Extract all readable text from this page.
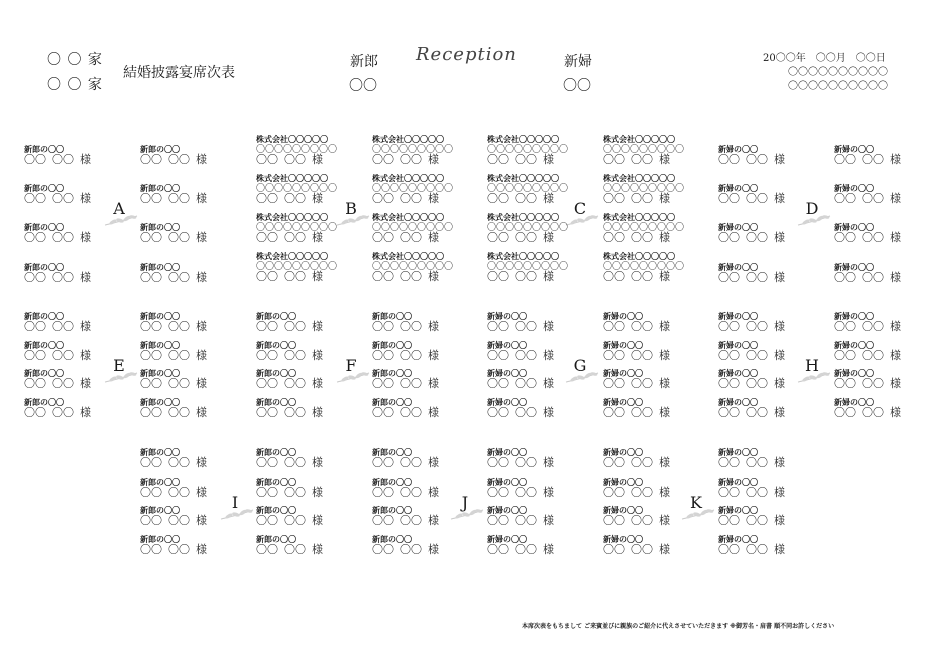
〇 〇 家
〇 〇 家
結婚披露宴席次表
新郎
〇〇
Reception	新婦
〇〇
20〇〇年　〇〇月　〇〇日
〇〇〇〇〇〇〇〇〇〇
〇〇〇〇〇〇〇〇〇〇
A
新郎の〇〇
〇〇 〇〇 様
新郎の〇〇
〇〇 〇〇 様
新郎の〇〇
〇〇 〇〇 様
新郎の〇〇
〇〇 〇〇 様
新郎の〇〇
〇〇 〇〇 様
新郎の〇〇
〇〇 〇〇 様
新郎の〇〇
〇〇 〇〇 様
新郎の〇〇
〇〇 〇〇 様
B
株式会社〇〇〇〇〇
〇〇〇〇〇〇〇〇〇
〇〇 〇〇 様
株式会社〇〇〇〇〇
〇〇〇〇〇〇〇〇〇
〇〇 〇〇 様
株式会社〇〇〇〇〇
〇〇〇〇〇〇〇〇〇
〇〇 〇〇 様
株式会社〇〇〇〇〇
〇〇〇〇〇〇〇〇〇
〇〇 〇〇 様
株式会社〇〇〇〇〇
〇〇〇〇〇〇〇〇〇
〇〇 〇〇 様
株式会社〇〇〇〇〇
〇〇〇〇〇〇〇〇〇
〇〇 〇〇 様
株式会社〇〇〇〇〇
〇〇〇〇〇〇〇〇〇
〇〇 〇〇 様
株式会社〇〇〇〇〇
〇〇〇〇〇〇〇〇〇
〇〇 〇〇 様
C
株式会社〇〇〇〇〇
〇〇〇〇〇〇〇〇〇
〇〇 〇〇 様
株式会社〇〇〇〇〇
〇〇〇〇〇〇〇〇〇
〇〇 〇〇 様
株式会社〇〇〇〇〇
〇〇〇〇〇〇〇〇〇
〇〇 〇〇 様
株式会社〇〇〇〇〇
〇〇〇〇〇〇〇〇〇
〇〇 〇〇 様
株式会社〇〇〇〇〇
〇〇〇〇〇〇〇〇〇
〇〇 〇〇 様
株式会社〇〇〇〇〇
〇〇〇〇〇〇〇〇〇
〇〇 〇〇 様
株式会社〇〇〇〇〇
〇〇〇〇〇〇〇〇〇
〇〇 〇〇 様
株式会社〇〇〇〇〇
〇〇〇〇〇〇〇〇〇
〇〇 〇〇 様
D
新婦の〇〇
〇〇 〇〇 様
新婦の〇〇
〇〇 〇〇 様
新婦の〇〇
〇〇 〇〇 様
新婦の〇〇
〇〇 〇〇 様
新婦の〇〇
〇〇 〇〇 様
新婦の〇〇
〇〇 〇〇 様
新婦の〇〇
〇〇 〇〇 様
新婦の〇〇
〇〇 〇〇 様
E
新郎の〇〇
〇〇 〇〇 様
新郎の〇〇
〇〇 〇〇 様
新郎の〇〇
〇〇 〇〇 様
新郎の〇〇
〇〇 〇〇 様
新郎の〇〇
〇〇 〇〇 様
新郎の〇〇
〇〇 〇〇 様
新郎の〇〇
〇〇 〇〇 様
新郎の〇〇
〇〇 〇〇 様
F
新郎の〇〇
〇〇 〇〇 様
新郎の〇〇
〇〇 〇〇 様
新郎の〇〇
〇〇 〇〇 様
新郎の〇〇
〇〇 〇〇 様
新郎の〇〇
〇〇 〇〇 様
新郎の〇〇
〇〇 〇〇 様
新郎の〇〇
〇〇 〇〇 様
新郎の〇〇
〇〇 〇〇 様
G
新婦の〇〇
〇〇 〇〇 様
新婦の〇〇
〇〇 〇〇 様
新婦の〇〇
〇〇 〇〇 様
新婦の〇〇
〇〇 〇〇 様
新婦の〇〇
〇〇 〇〇 様
新婦の〇〇
〇〇 〇〇 様
新婦の〇〇
〇〇 〇〇 様
新婦の〇〇
〇〇 〇〇 様
H
新婦の〇〇
〇〇 〇〇 様
新婦の〇〇
〇〇 〇〇 様
新婦の〇〇
〇〇 〇〇 様
新婦の〇〇
〇〇 〇〇 様
新婦の〇〇
〇〇 〇〇 様
新婦の〇〇
〇〇 〇〇 様
新婦の〇〇
〇〇 〇〇 様
新婦の〇〇
〇〇 〇〇 様
I
新郎の〇〇
〇〇 〇〇 様
新郎の〇〇
〇〇 〇〇 様
新郎の〇〇
〇〇 〇〇 様
新郎の〇〇
〇〇 〇〇 様
新郎の〇〇
〇〇 〇〇 様
新郎の〇〇
〇〇 〇〇 様
新郎の〇〇
〇〇 〇〇 様
新郎の〇〇
〇〇 〇〇 様
J
新郎の〇〇
〇〇 〇〇 様
新郎の〇〇
〇〇 〇〇 様
新郎の〇〇
〇〇 〇〇 様
新郎の〇〇
〇〇 〇〇 様
新婦の〇〇
〇〇 〇〇 様
新婦の〇〇
〇〇 〇〇 様
新婦の〇〇
〇〇 〇〇 様
新婦の〇〇
〇〇 〇〇 様
K
新婦の〇〇
〇〇 〇〇 様
新婦の〇〇
〇〇 〇〇 様
新婦の〇〇
〇〇 〇〇 様
新婦の〇〇
〇〇 〇〇 様
新婦の〇〇
〇〇 〇〇 様
新婦の〇〇
〇〇 〇〇 様
新婦の〇〇
〇〇 〇〇 様
新婦の〇〇
〇〇 〇〇 様
本席次表をもちまして ご来賓並びに親族のご紹介に代えさせていただきます ※御芳名・肩書 順不同お許しください
